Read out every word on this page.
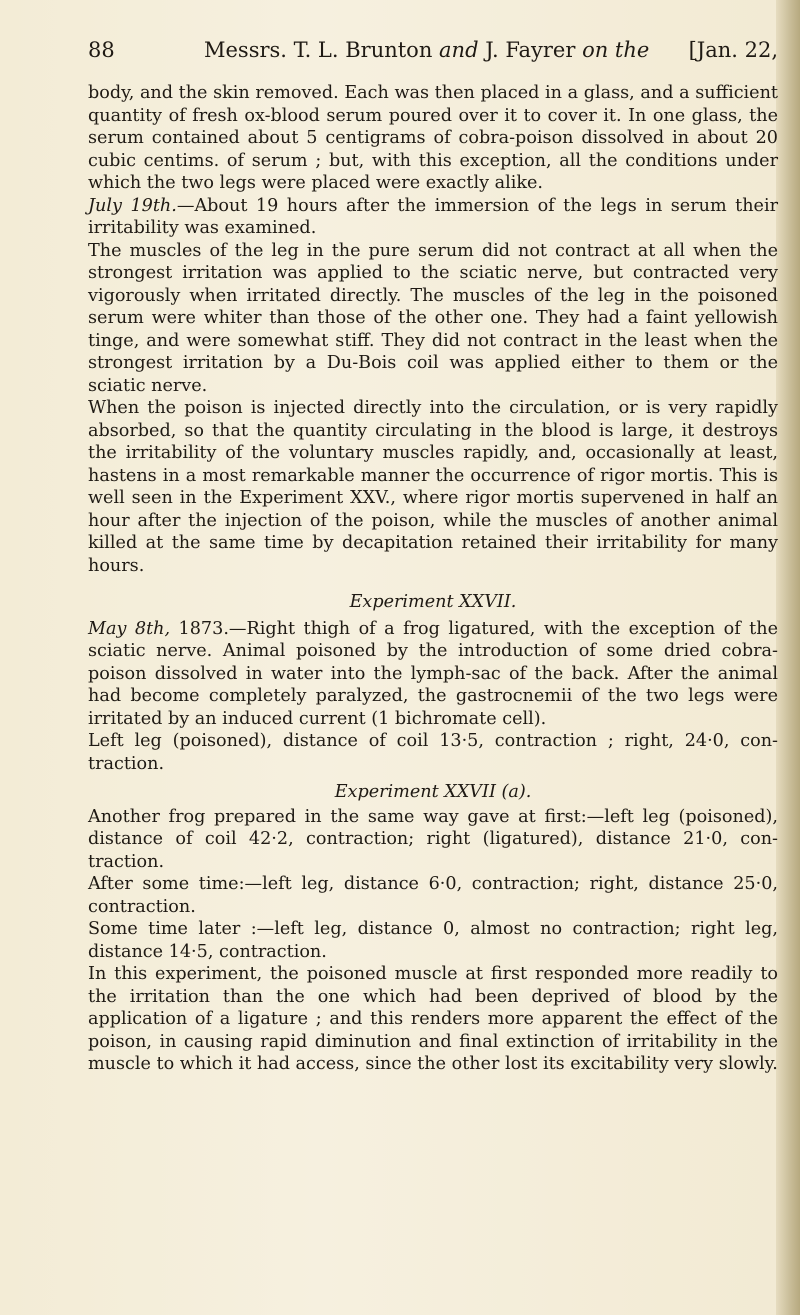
88	Messrs. T. L. Brunton and J. Fayrer on the [Jan. 22,

body, and the skin removed. Each was then placed in a glass, and a sufficient quantity of fresh ox-blood serum poured over it to cover it. In one glass, the serum contained about 5 centigrams of cobra-poison dissolved in about 20 cubic centims. of serum ; but, with this exception, all the conditions under which the two legs were placed were exactly alike.

July 19th.—About 19 hours after the immersion of the legs in serum their irritability was examined.

The muscles of the leg in the pure serum did not contract at all when the strongest irritation was applied to the sciatic nerve, but contracted very vigorously when irritated directly. The muscles of the leg in the poisoned serum were whiter than those of the other one. They had a faint yellowish tinge, and were somewhat stiff. They did not contract in the least when the strongest irritation by a Du-Bois coil was applied either to them or the sciatic nerve.

When the poison is injected directly into the circulation, or is very rapidly absorbed, so that the quantity circulating in the blood is large, it destroys the irritability of the voluntary muscles rapidly, and, occasionally at least, hastens in a most remarkable manner the occurrence of rigor mortis. This is well seen in the Experiment XXV., where rigor mortis supervened in half an hour after the injection of the poison, while the muscles of another animal killed at the same time by decapitation retained their irritability for many hours.

Experiment XXVII.

May 8th, 1873.—Right thigh of a frog ligatured, with the exception of the sciatic nerve. Animal poisoned by the introduction of some dried cobra-poison dissolved in water into the lymph-sac of the back. After the animal had become completely paralyzed, the gastrocnemii of the two legs were irritated by an induced current (1 bichromate cell).

Left leg (poisoned), distance of coil 13·5, contraction ; right, 24·0, con- traction.

Experiment XXVII (a).

Another frog prepared in the same way gave at first:—left leg (poisoned), distance of coil 42·2, contraction; right (ligatured), distance 21·0, con- traction.

After some time:—left leg, distance 6·0, contraction; right, distance 25·0, contraction.

Some time later :—left leg, distance 0, almost no contraction; right leg, distance 14·5, contraction.

In this experiment, the poisoned muscle at first responded more readily to the irritation than the one which had been deprived of blood by the application of a ligature ; and this renders more apparent the effect of the poison, in causing rapid diminution and final extinction of irritability in the muscle to which it had access, since the other lost its excitability very slowly.
